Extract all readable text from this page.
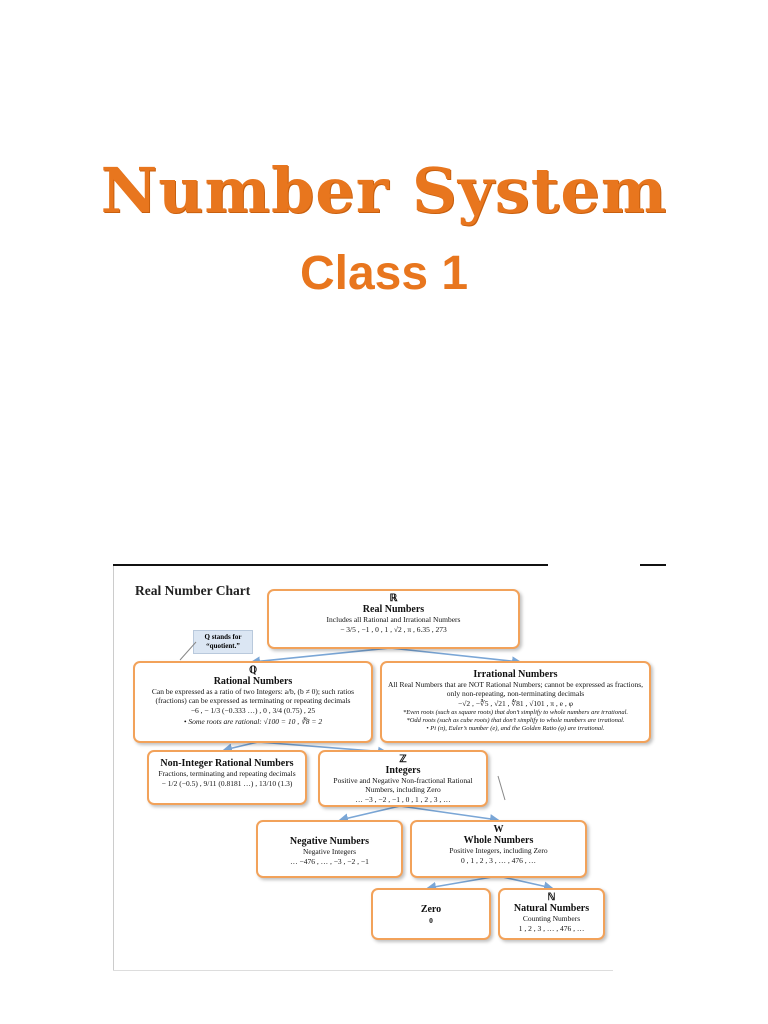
Number System
Class 1
Real Number Chart
Q stands for “quotient.”
ℝ
Real Numbers
Includes all Rational and Irrational Numbers
− 3/5 , −1 , 0 , 1 , √2 , π , 6.35 , 273
ℚ
Rational Numbers
Can be expressed as a ratio of two Integers: a/b, (b ≠ 0); such ratios (fractions) can be expressed as terminating or repeating decimals
−6 , − 1/3 (−0.333 …) , 0 , 3/4 (0.75) , 25
• Some roots are rational: √100 = 10 , ∛8 = 2
Irrational Numbers
All Real Numbers that are NOT Rational Numbers; cannot be expressed as fractions, only non-repeating, non-terminating decimals
−√2 , −∛5 , √21 , ∜81 , √101 , π , e , φ
*Even roots (such as square roots) that don’t simplify to whole numbers are irrational.
*Odd roots (such as cube roots) that don’t simplify to whole numbers are irrational.
• Pi (π), Euler’s number (e), and the Golden Ratio (φ) are irrational.
Non-Integer Rational Numbers
Fractions, terminating and repeating decimals
− 1/2 (−0.5) , 9/11 (0.8181 …) , 13/10 (1.3)
ℤ
Integers
Positive and Negative Non-fractional Rational Numbers, including Zero
… −3 , −2 , −1 , 0 , 1 , 2 , 3 , …
Negative Numbers
Negative Integers
… −476 , … , −3 , −2 , −1
W
Whole Numbers
Positive Integers, including Zero
0 , 1 , 2 , 3 , … , 476 , …
Zero
0
ℕ
Natural Numbers
Counting Numbers
1 , 2 , 3 , … , 476 , …
